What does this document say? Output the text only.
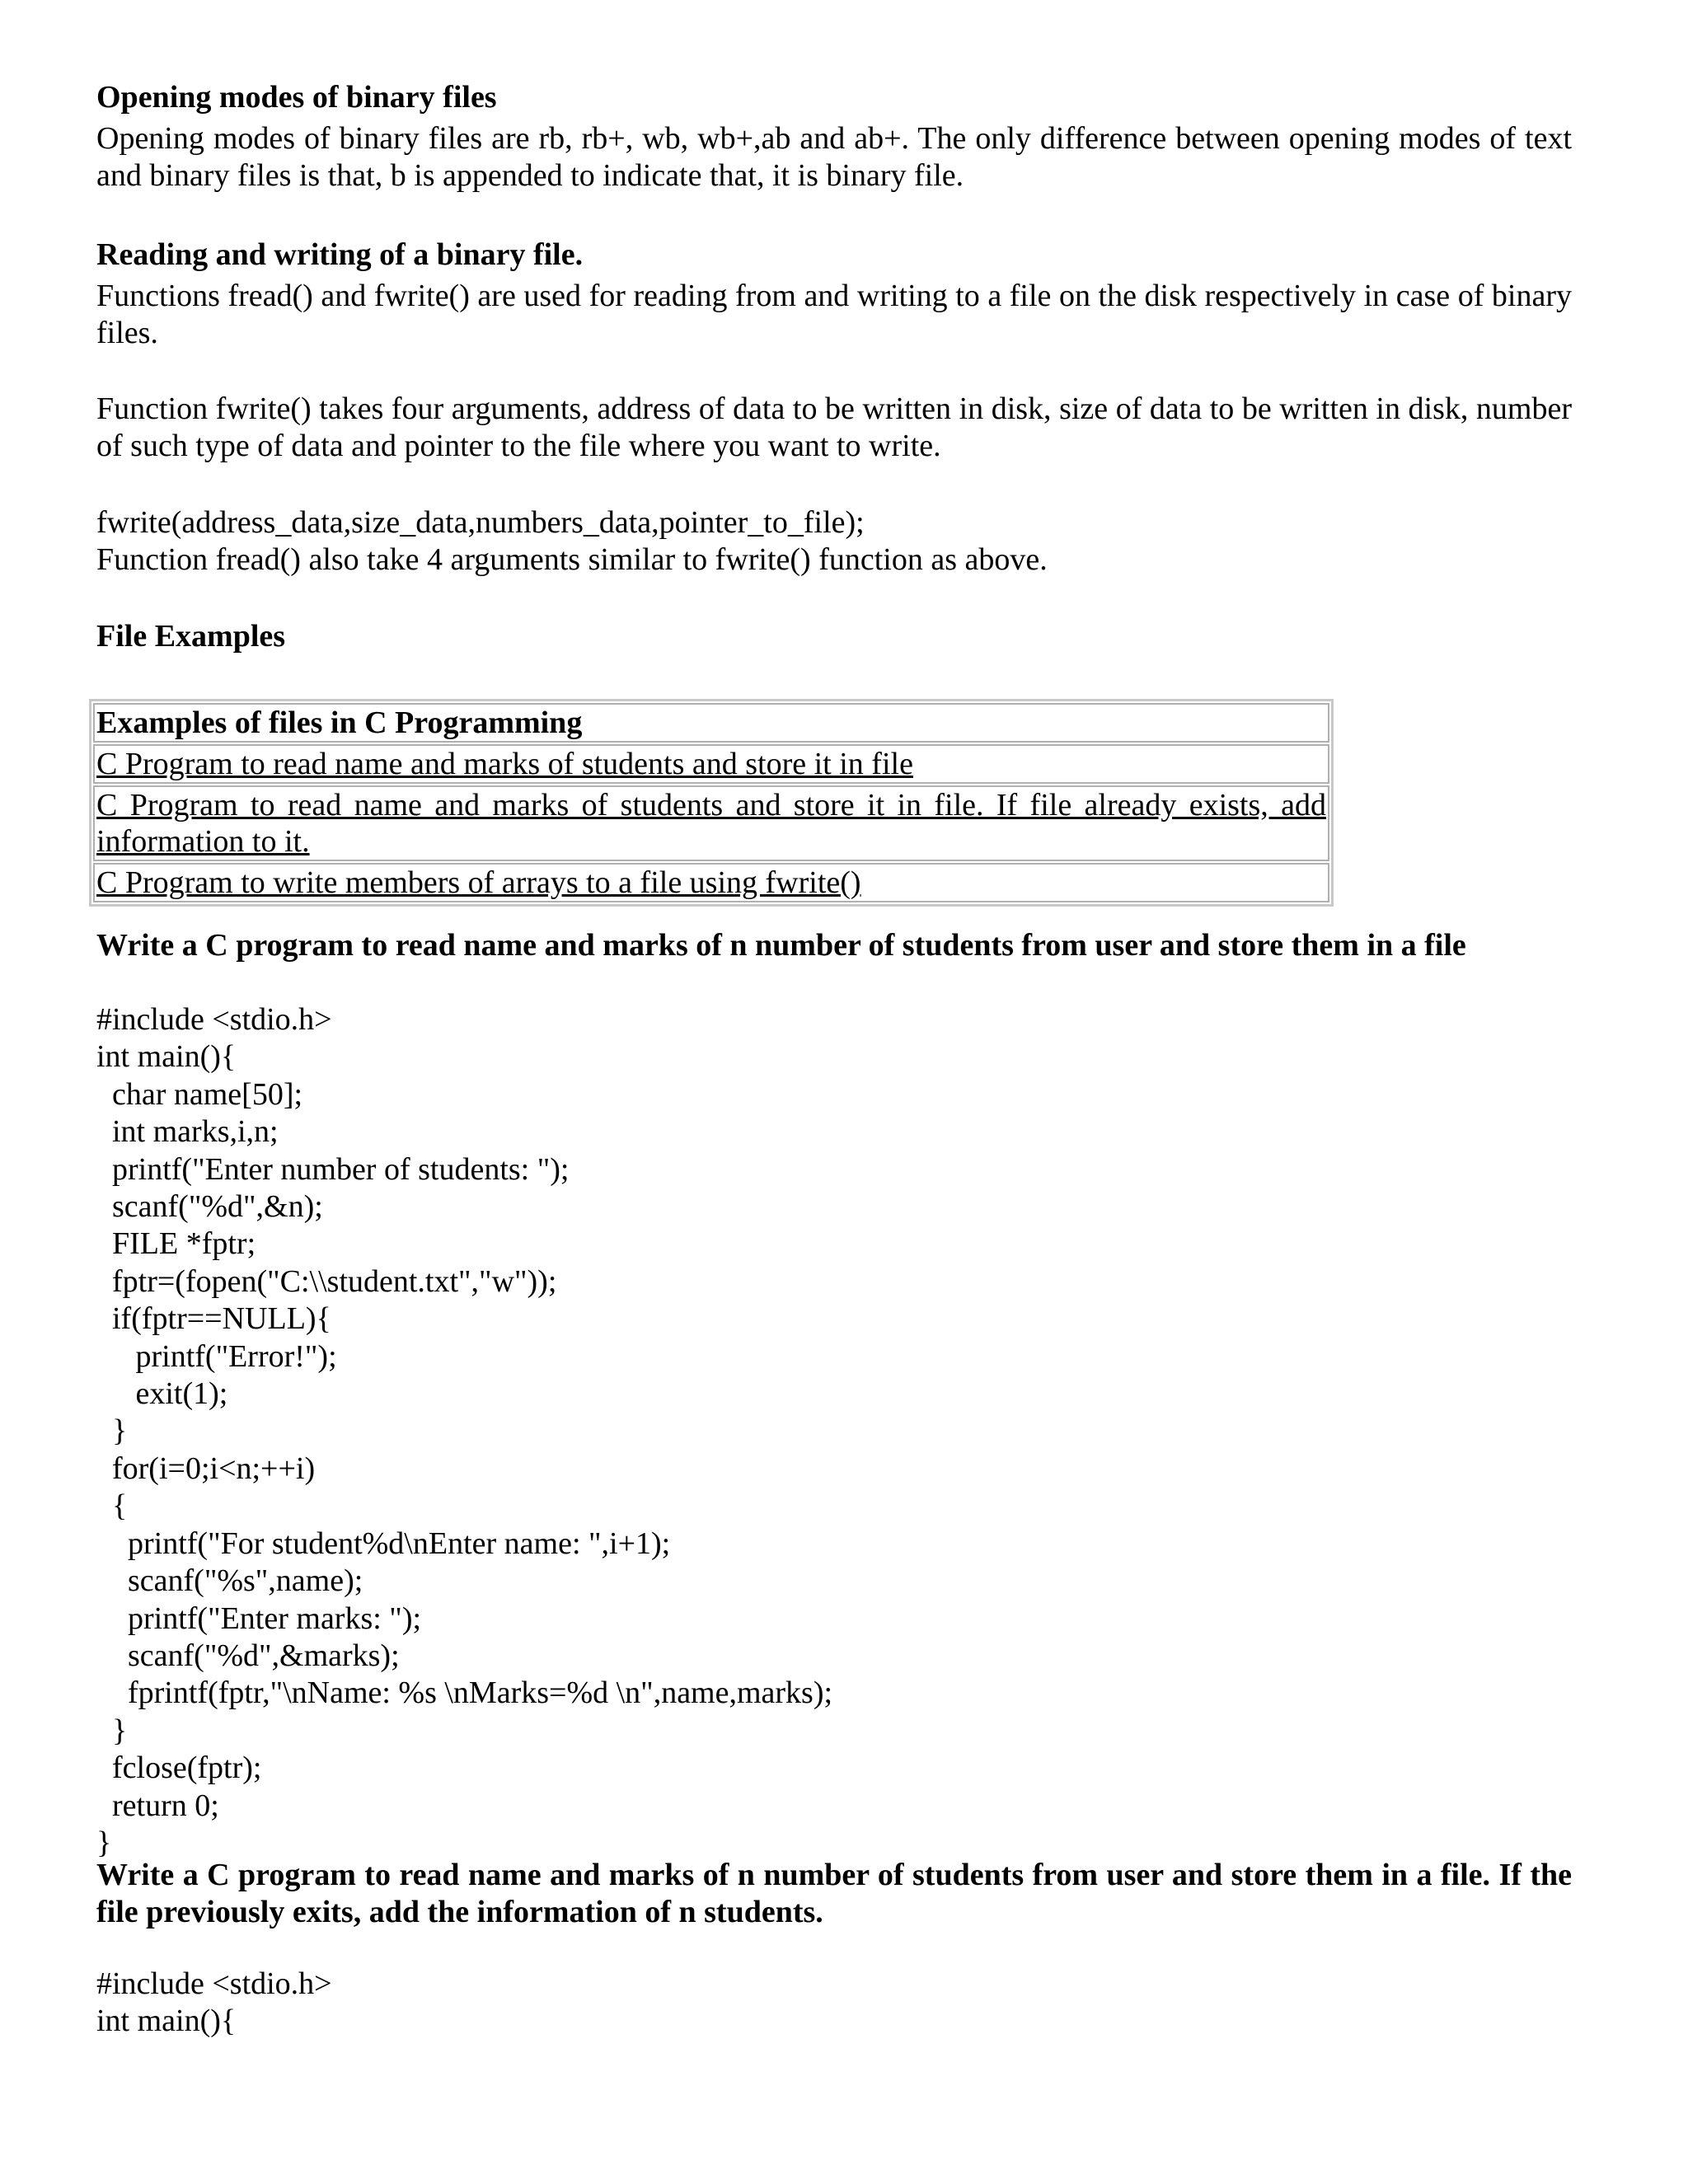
Opening modes of binary files

Opening modes of binary files are rb, rb+, wb, wb+,ab and ab+. The only difference between opening modes of text and binary files is that, b is appended to indicate that, it is binary file.

Reading and writing of a binary file.

Functions fread() and fwrite() are used for reading from and writing to a file on the disk respectively in case of binary files.

Function fwrite() takes four arguments, address of data to be written in disk, size of data to be written in disk, number of such type of data and pointer to the file where you want to write.

fwrite(address_data,size_data,numbers_data,pointer_to_file);

Function fread() also take 4 arguments similar to fwrite() function as above.

File Examples
Examples of files in C Programming
C Program to read name and marks of students and store it in file
C Program to read name and marks of students and store it in file. If file already exists, add information to it.
C Program to write members of arrays to a file using fwrite()

Write a C program to read name and marks of n number of students from user and store them in a file

#include <stdio.h>
int main(){
char name[50];
int marks,i,n;
printf("Enter number of students: ");
scanf("%d",&n);
FILE *fptr;
fptr=(fopen("C:\\student.txt","w"));
if(fptr==NULL){
printf("Error!");
exit(1);
}
for(i=0;i<n;++i)
{
printf("For student%d\nEnter name: ",i+1);
scanf("%s",name);
printf("Enter marks: ");
scanf("%d",&marks);
fprintf(fptr,"\nName: %s \nMarks=%d \n",name,marks);
}
fclose(fptr);
return 0;
}

Write a C program to read name and marks of n number of students from user and store them in a file. If the file previously exits, add the information of n students.

#include <stdio.h>
int main(){
